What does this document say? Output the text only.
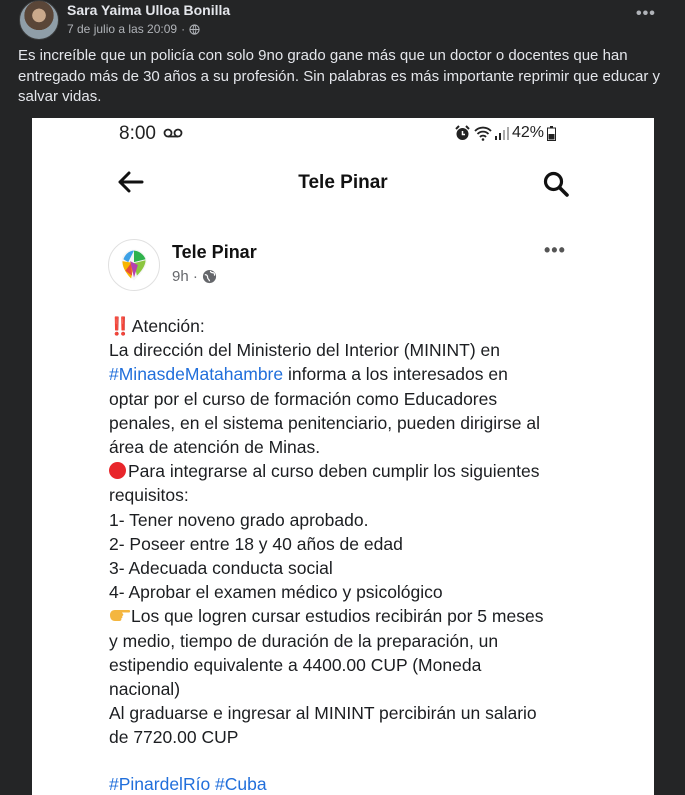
Sara Yaima Ulloa Bonilla
7 de julio a las 20:09 ·
•••
Es increíble que un policía con solo 9no grado gane más que un doctor o docentes que han entregado más de 30 años a su profesión. Sin palabras es más importante reprimir que educar y salvar vidas.
8:00	42%
Tele Pinar
Tele Pinar
9h ·
•••
‼️ Atención:
La dirección del Ministerio del Interior (MININT) en
#MinasdeMatahambre informa a los interesados en
optar por el curso de formación como Educadores
penales, en el sistema penitenciario, pueden dirigirse al
área de atención de Minas.
Para integrarse al curso deben cumplir los siguientes
requisitos:
1- Tener noveno grado aprobado.
2- Poseer entre 18 y 40 años de edad
3- Adecuada conducta social
4- Aprobar el examen médico y psicológico
Los que logren cursar estudios recibirán por 5 meses
y medio, tiempo de duración de la preparación, un
estipendio equivalente a 4400.00 CUP (Moneda
nacional)
Al graduarse e ingresar al MININT percibirán un salario
de 7720.00 CUP
#PinardelRío #Cuba
